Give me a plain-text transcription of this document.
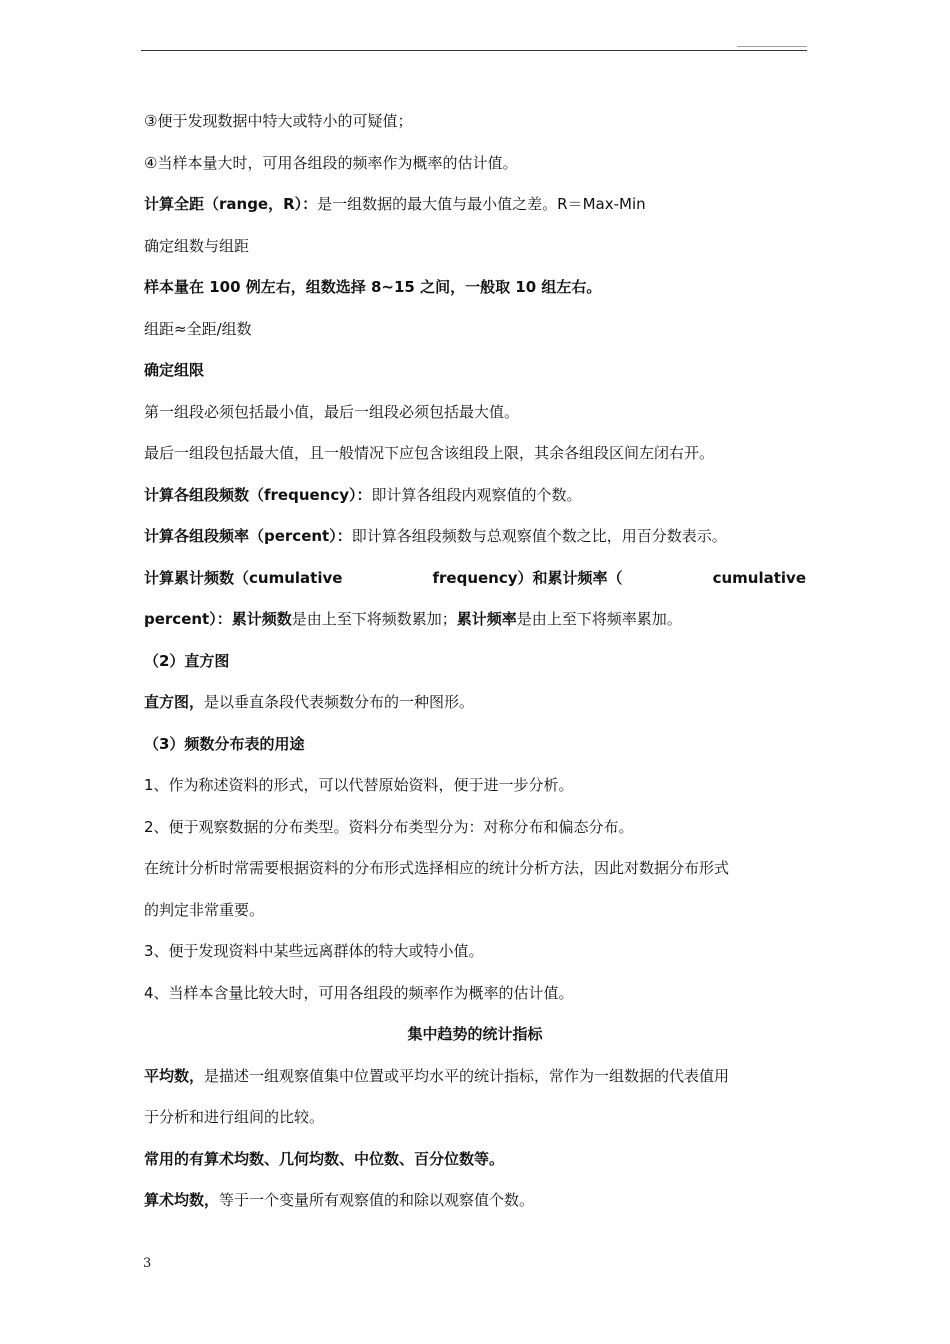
③便于发现数据中特大或特小的可疑值；
④当样本量大时，可用各组段的频率作为概率的估计值。
计算全距（range，R）：是一组数据的最大值与最小值之差。R＝Max-Min
确定组数与组距
样本量在 100 例左右，组数选择 8~15 之间，一般取 10 组左右。
组距≈全距/组数
确定组限
第一组段必须包括最小值，最后一组段必须包括最大值。
最后一组段包括最大值，且一般情况下应包含该组段上限，其余各组段区间左闭右开。
计算各组段频数（frequency）：即计算各组段内观察值的个数。
计算各组段频率（percent）：即计算各组段频数与总观察值个数之比，用百分数表示。
计算累计频数（cumulative	frequency）和累计频率（	cumulative
percent）：累计频数是由上至下将频数累加；累计频率是由上至下将频率累加。
（2）直方图
直方图，是以垂直条段代表频数分布的一种图形。
（3）频数分布表的用途
1、作为称述资料的形式，可以代替原始资料，便于进一步分析。
2、便于观察数据的分布类型。资料分布类型分为：对称分布和偏态分布。
在统计分析时常需要根据资料的分布形式选择相应的统计分析方法，因此对数据分布形式
的判定非常重要。
3、便于发现资料中某些远离群体的特大或特小值。
4、当样本含量比较大时，可用各组段的频率作为概率的估计值。
集中趋势的统计指标
平均数，是描述一组观察值集中位置或平均水平的统计指标，常作为一组数据的代表值用
于分析和进行组间的比较。
常用的有算术均数、几何均数、中位数、百分位数等。
算术均数，等于一个变量所有观察值的和除以观察值个数。
3
